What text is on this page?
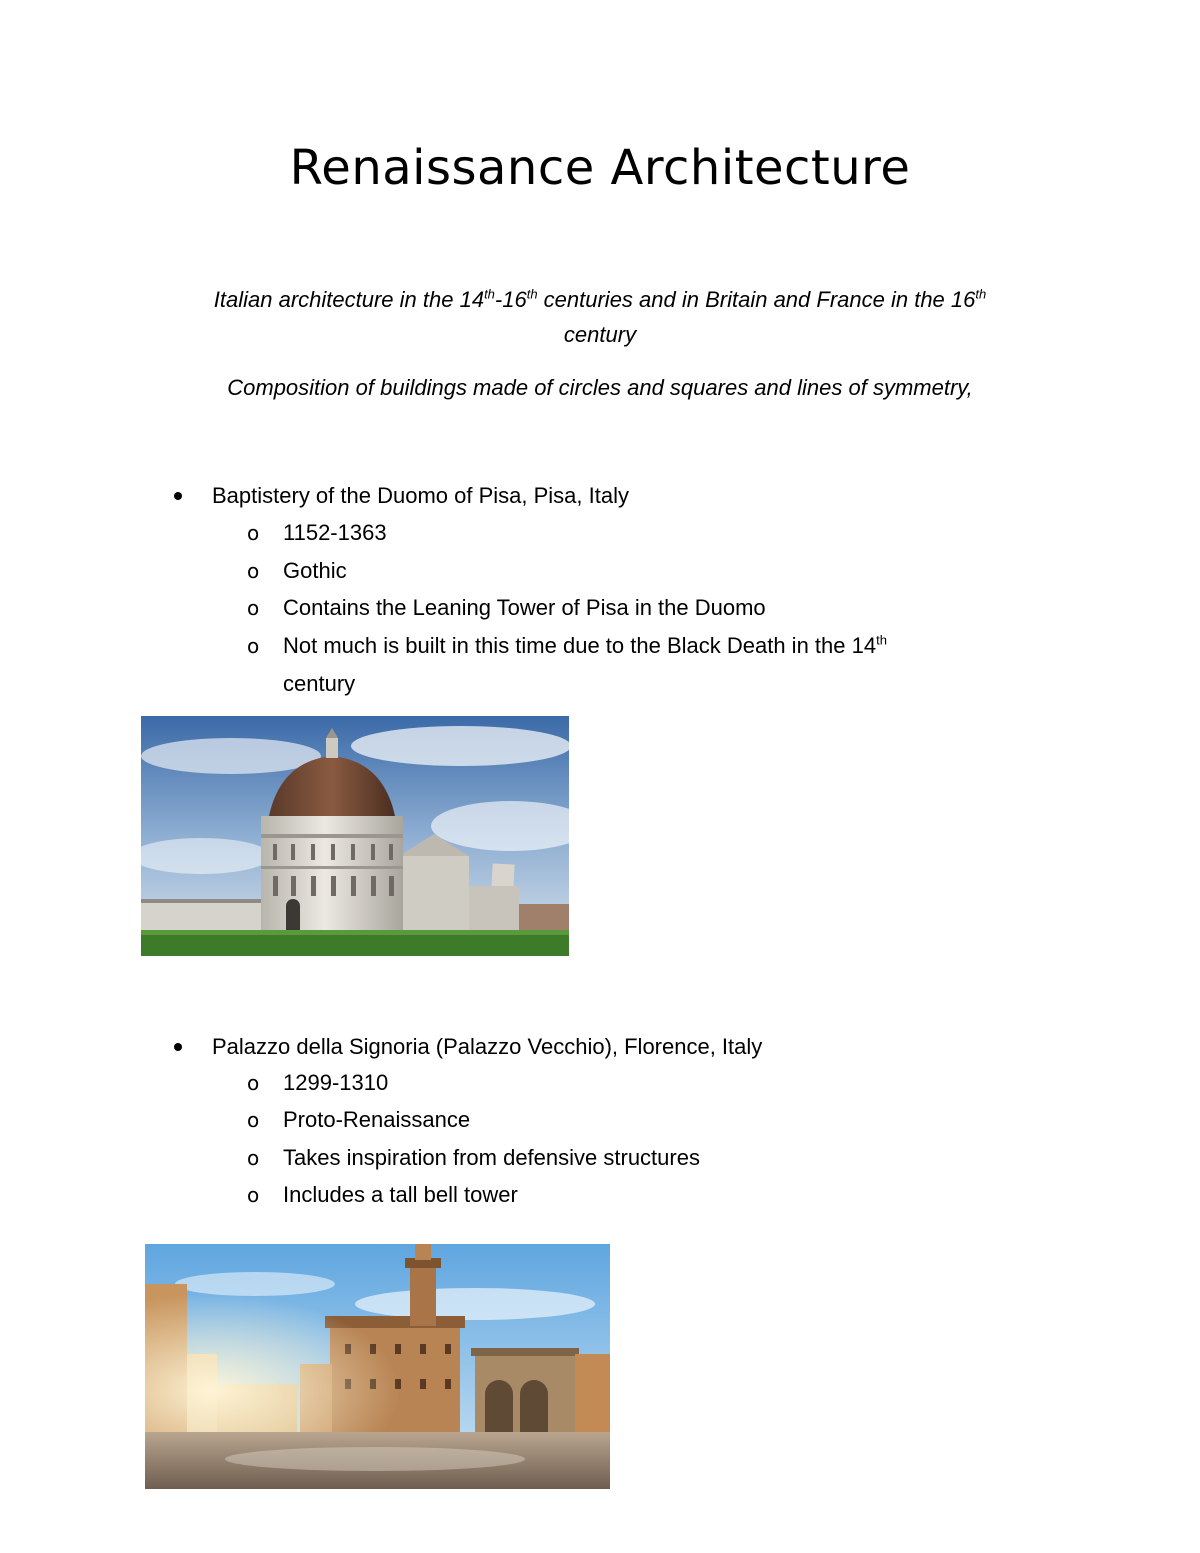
Renaissance Architecture
Italian architecture in the 14th-16th centuries and in Britain and France in the 16th
century
Composition of buildings made of circles and squares and lines of symmetry,
Baptistery of the Duomo of Pisa, Pisa, Italy
o 1152-1363
o Gothic
o Contains the Leaning Tower of Pisa in the Duomo
o Not much is built in this time due to the Black Death in the 14th
century
Palazzo della Signoria (Palazzo Vecchio), Florence, Italy
o 1299-1310
o Proto-Renaissance
o Takes inspiration from defensive structures
o Includes a tall bell tower
